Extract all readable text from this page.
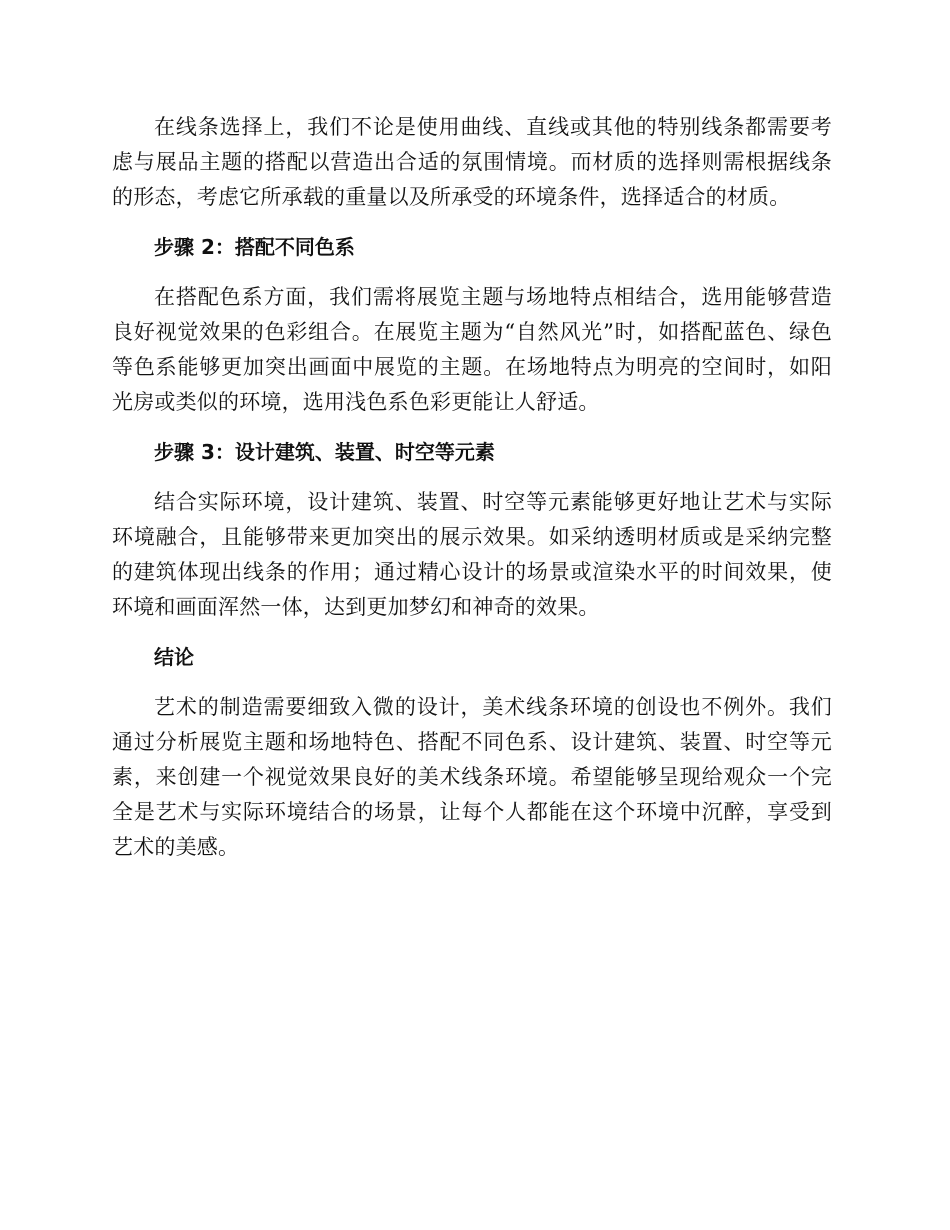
在线条选择上，我们不论是使用曲线、直线或其他的特别线条都需要考虑与展品主题的搭配以营造出合适的氛围情境。而材质的选择则需根据线条的形态，考虑它所承载的重量以及所承受的环境条件，选择适合的材质。

步骤 2：搭配不同色系

在搭配色系方面，我们需将展览主题与场地特点相结合，选用能够营造良好视觉效果的色彩组合。在展览主题为“自然风光”时，如搭配蓝色、绿色等色系能够更加突出画面中展览的主题。在场地特点为明亮的空间时，如阳光房或类似的环境，选用浅色系色彩更能让人舒适。

步骤 3：设计建筑、装置、时空等元素

结合实际环境，设计建筑、装置、时空等元素能够更好地让艺术与实际环境融合，且能够带来更加突出的展示效果。如采纳透明材质或是采纳完整的建筑体现出线条的作用；通过精心设计的场景或渲染水平的时间效果，使环境和画面浑然一体，达到更加梦幻和神奇的效果。

结论

艺术的制造需要细致入微的设计，美术线条环境的创设也不例外。我们通过分析展览主题和场地特色、搭配不同色系、设计建筑、装置、时空等元素，来创建一个视觉效果良好的美术线条环境。希望能够呈现给观众一个完全是艺术与实际环境结合的场景，让每个人都能在这个环境中沉醉，享受到艺术的美感。
